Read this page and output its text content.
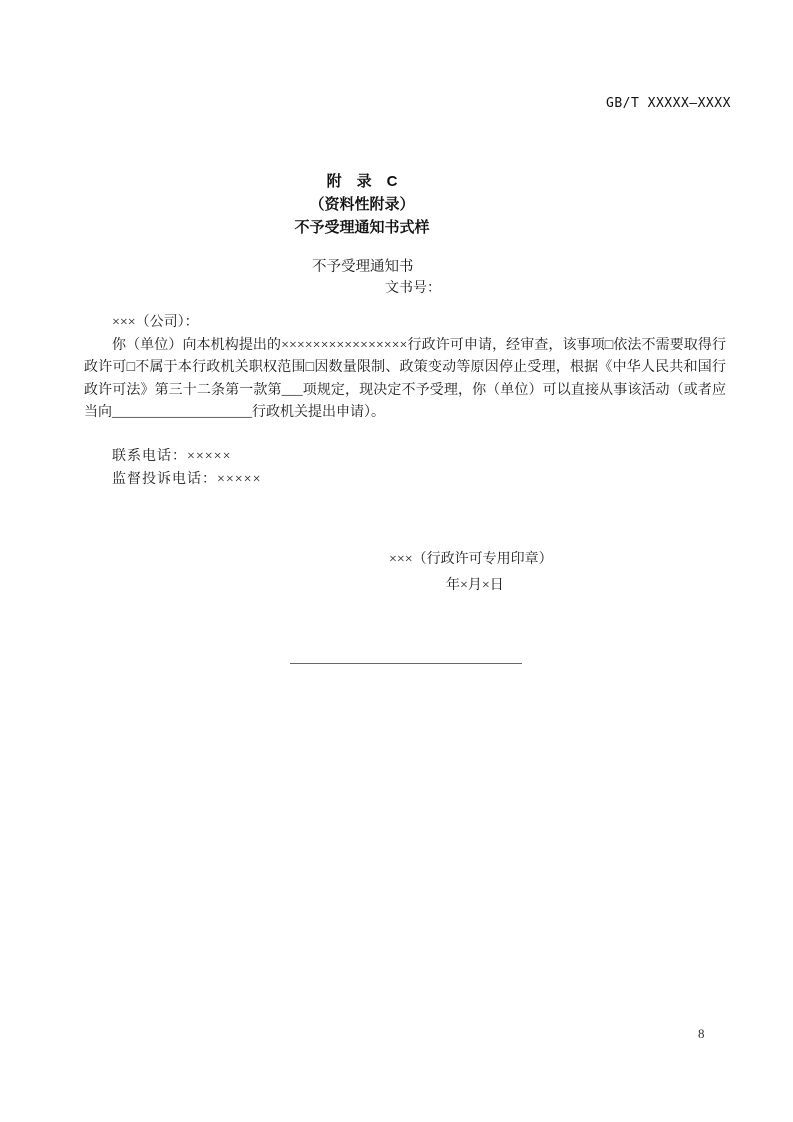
GB/T XXXXX—XXXX
附　录　C
（资料性附录）
不予受理通知书式样
不予受理通知书
文书号：

×××（公司）：

你（单位）向本机构提出的××××××××××××××××行政许可申请，经审查，该事项□依法不需要取得行政许可□不属于本行政机关职权范围□因数量限制、政策变动等原因停止受理，根据《中华人民共和国行政许可法》第三十二条第一款第___项规定，现决定不予受理，你（单位）可以直接从事该活动（或者应当向____________________行政机关提出申请）。

联系电话：×××××

监督投诉电话：×××××

×××（行政许可专用印章）
年×月×日
8
